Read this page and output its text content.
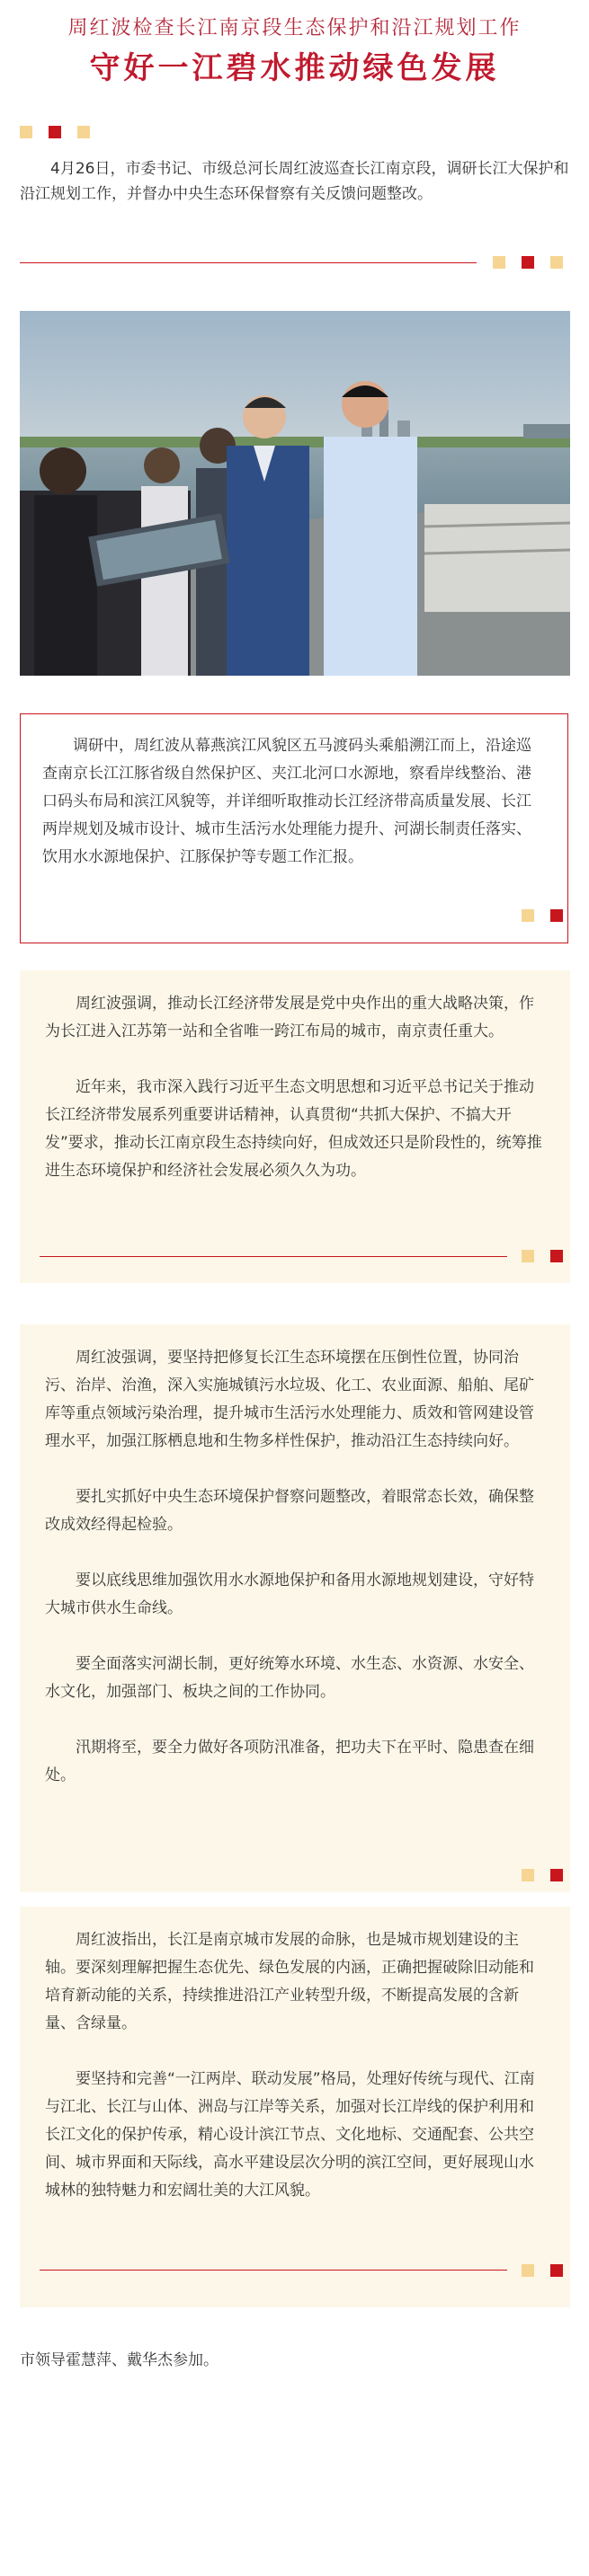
周红波检查长江南京段生态保护和沿江规划工作
守好一江碧水推动绿色发展
4月26日，市委书记、市级总河长周红波巡查长江南京段，调研长江大保护和沿江规划工作，并督办中央生态环保督察有关反馈问题整改。

调研中，周红波从幕燕滨江风貌区五马渡码头乘船溯江而上，沿途巡查南京长江江豚省级自然保护区、夹江北河口水源地，察看岸线整治、港口码头布局和滨江风貌等，并详细听取推动长江经济带高质量发展、长江两岸规划及城市设计、城市生活污水处理能力提升、河湖长制责任落实、饮用水水源地保护、江豚保护等专题工作汇报。

周红波强调，推动长江经济带发展是党中央作出的重大战略决策，作为长江进入江苏第一站和全省唯一跨江布局的城市，南京责任重大。

近年来，我市深入践行习近平生态文明思想和习近平总书记关于推动长江经济带发展系列重要讲话精神，认真贯彻“共抓大保护、不搞大开发”要求，推动长江南京段生态持续向好，但成效还只是阶段性的，统筹推进生态环境保护和经济社会发展必须久久为功。

周红波强调，要坚持把修复长江生态环境摆在压倒性位置，协同治污、治岸、治渔，深入实施城镇污水垃圾、化工、农业面源、船舶、尾矿库等重点领域污染治理，提升城市生活污水处理能力、质效和管网建设管理水平，加强江豚栖息地和生物多样性保护，推动沿江生态持续向好。

要扎实抓好中央生态环境保护督察问题整改，着眼常态长效，确保整改成效经得起检验。

要以底线思维加强饮用水水源地保护和备用水源地规划建设，守好特大城市供水生命线。

要全面落实河湖长制，更好统筹水环境、水生态、水资源、水安全、水文化，加强部门、板块之间的工作协同。

汛期将至，要全力做好各项防汛准备，把功夫下在平时、隐患查在细处。

周红波指出，长江是南京城市发展的命脉，也是城市规划建设的主轴。要深刻理解把握生态优先、绿色发展的内涵，正确把握破除旧动能和培育新动能的关系，持续推进沿江产业转型升级，不断提高发展的含新量、含绿量。

要坚持和完善“一江两岸、联动发展”格局，处理好传统与现代、江南与江北、长江与山体、洲岛与江岸等关系，加强对长江岸线的保护利用和长江文化的保护传承，精心设计滨江节点、文化地标、交通配套、公共空间、城市界面和天际线，高水平建设层次分明的滨江空间，更好展现山水城林的独特魅力和宏阔壮美的大江风貌。

市领导霍慧萍、戴华杰参加。
